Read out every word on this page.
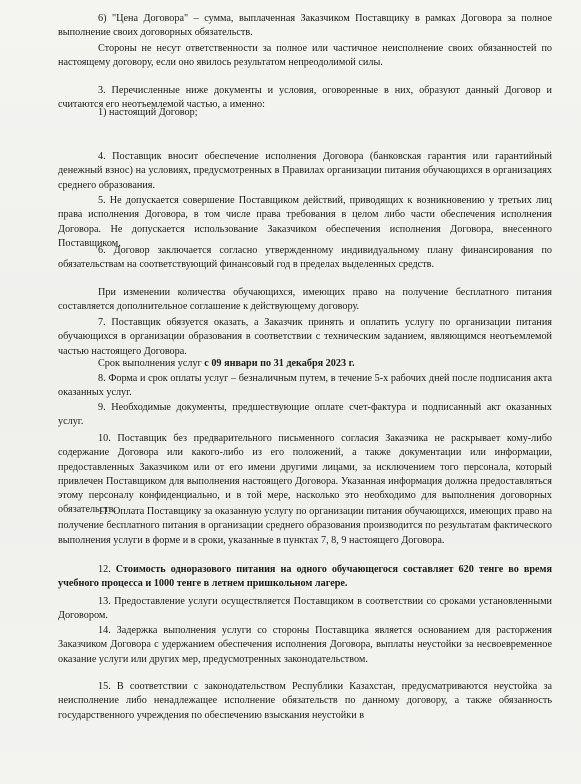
6) "Цена Договора" – сумма, выплаченная Заказчиком Поставщику в рамках Договора за полное выполнение своих договорных обязательств.

Стороны не несут ответственности за полное или частичное неисполнение своих обязанностей по настоящему договору, если оно явилось результатом непреодолимой силы.

3. Перечисленные ниже документы и условия, оговоренные в них, образуют данный Договор и считаются его неотъемлемой частью, а именно:

1) настоящий Договор;

4. Поставщик вносит обеспечение исполнения Договора (банковская гарантия или гарантийный денежный взнос) на условиях, предусмотренных в Правилах организации питания обучающихся в организациях среднего образования.

5. Не допускается совершение Поставщиком действий, приводящих к возникновению у третьих лиц права исполнения Договора, в том числе права требования в целом либо части обеспечения исполнения Договора. Не допускается использование Заказчиком обеспечения исполнения Договора, внесенного Поставщиком.

6. Договор заключается согласно утвержденному индивидуальному плану финансирования по обязательствам на соответствующий финансовый год в пределах выделенных средств.

При изменении количества обучающихся, имеющих право на получение бесплатного питания составляется дополнительное соглашение к действующему договору.

7. Поставщик обязуется оказать, а Заказчик принять и оплатить услугу по организации питания обучающихся в организации образования в соответствии с техническим заданием, являющимся неотъемлемой частью настоящего Договора.

Срок выполнения услуг с 09 январи по 31 декабря 2023 г.

8. Форма и срок оплаты услуг – безналичным путем, в течение 5-х рабочих дней после подписания акта оказанных услуг.

9. Необходимые документы, предшествующие оплате счет-фактура и подписанный акт оказанных услуг.

10. Поставщик без предварительного письменного согласия Заказчика не раскрывает кому-либо содержание Договора или какого-либо из его положений, а также документации или информации, предоставленных Заказчиком или от его имени другими лицами, за исключением того персонала, который привлечен Поставщиком для выполнения настоящего Договора. Указанная информация должна предоставляться этому персоналу конфиденциально, и в той мере, насколько это необходимо для выполнения договорных обязательств.

11. Оплата Поставщику за оказанную услугу по организации питания обучающихся, имеющих право на получение бесплатного питания в организации среднего образования производится по результатам фактического выполнения услуги в форме и в сроки, указанные в пунктах 7, 8, 9 настоящего Договора.

12. Стоимость одноразового питания на одного обучающегося составляет 620 тенге во время учебного процесса и 1000 тенге в летнем пришкольном лагере.

13. Предоставление услуги осуществляется Поставщиком в соответствии со сроками установленными Договором.

14. Задержка выполнения услуги со стороны Поставщика является основанием для расторжения Заказчиком Договора с удержанием обеспечения исполнения Договора, выплаты неустойки за несвоевременное оказание услуги или других мер, предусмотренных законодательством.

15. В соответствии с законодательством Республики Казахстан, предусматриваются неустойка за неисполнение либо ненадлежащее исполнение обязательств по данному договору, а также обязанность государственного учреждения по обеспечению взыскания неустойки в
